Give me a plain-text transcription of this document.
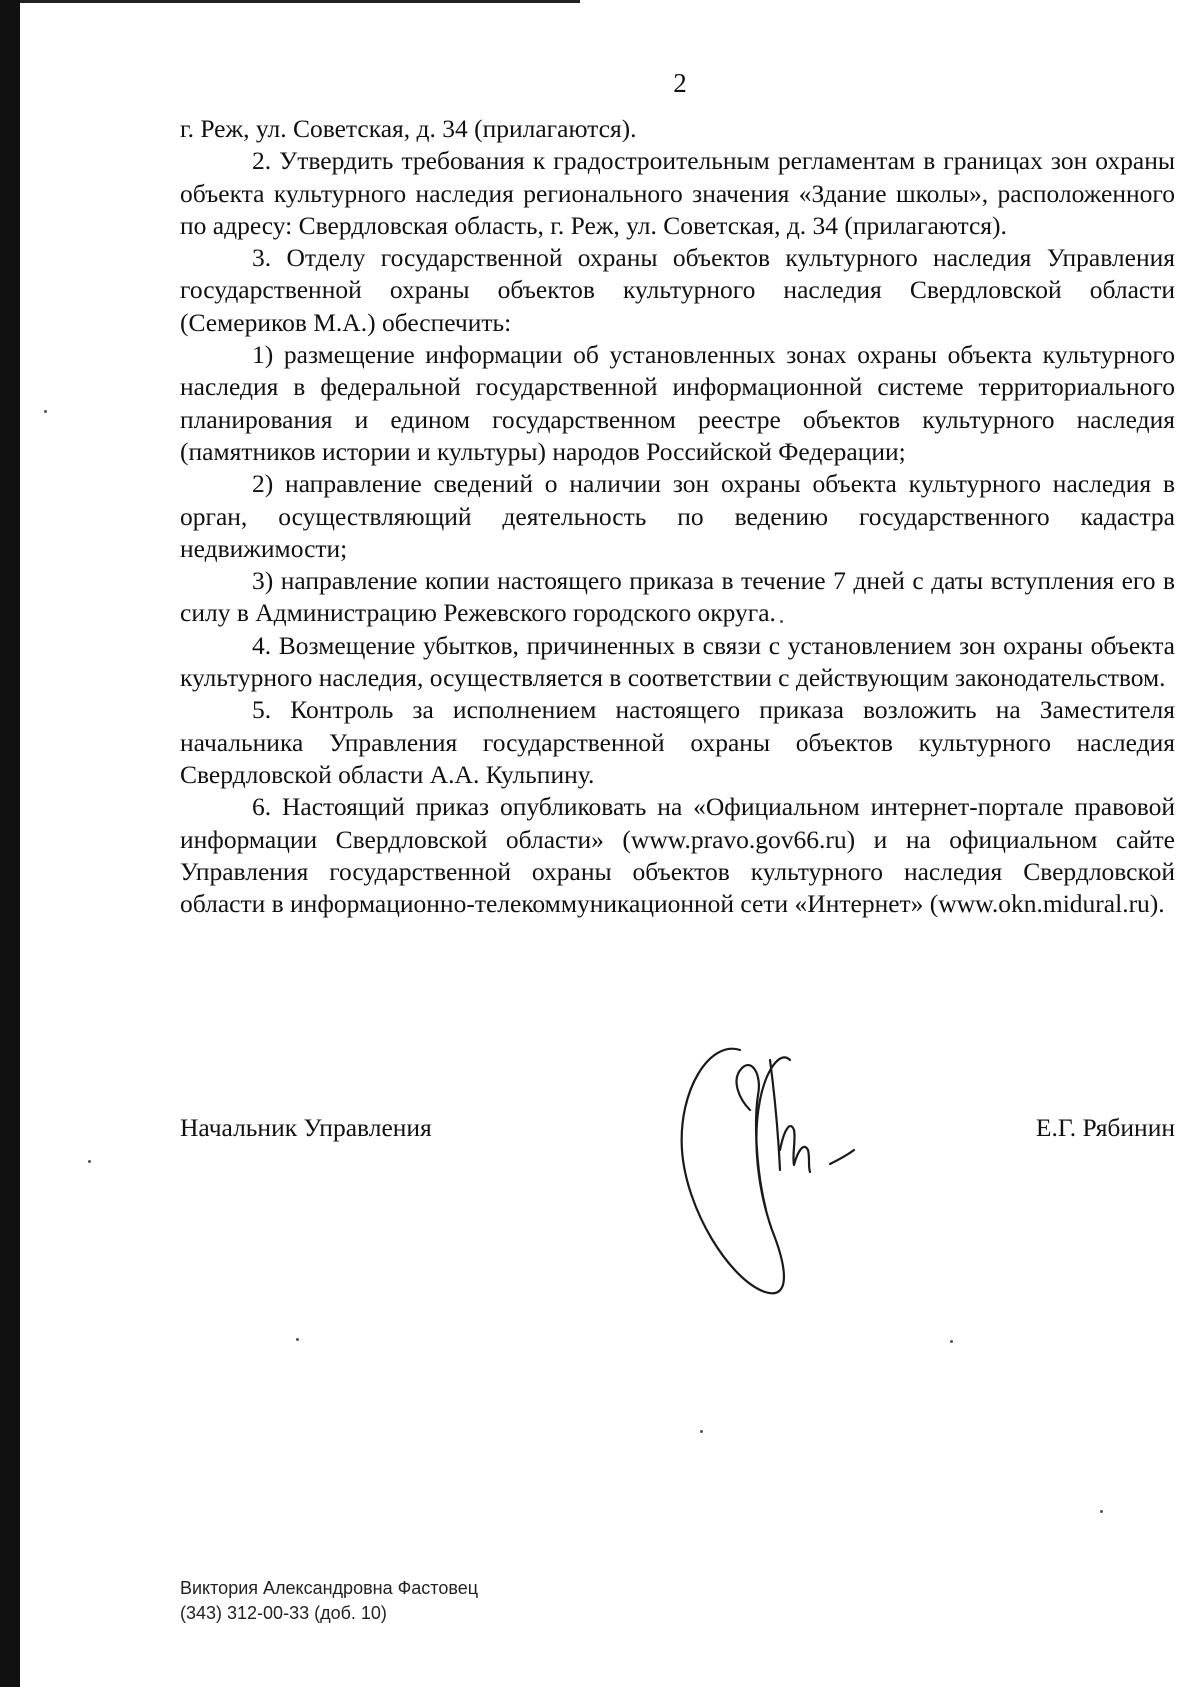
2

г. Реж, ул. Советская, д. 34 (прилагаются).

2. Утвердить требования к градостроительным регламентам в границах зон охраны объекта культурного наследия регионального значения «Здание школы», расположенного по адресу: Свердловская область, г. Реж, ул. Советская, д. 34 (прилагаются).

3. Отделу государственной охраны объектов культурного наследия Управления государственной охраны объектов культурного наследия Свердловской области (Семериков М.А.) обеспечить:

1) размещение информации об установленных зонах охраны объекта культурного наследия в федеральной государственной информационной системе территориального планирования и едином государственном реестре объектов культурного наследия (памятников истории и культуры) народов Российской Федерации;

2) направление сведений о наличии зон охраны объекта культурного наследия в орган, осуществляющий деятельность по ведению государственного кадастра недвижимости;

3) направление копии настоящего приказа в течение 7 дней с даты вступления его в силу в Администрацию Режевского городского округа.

4. Возмещение убытков, причиненных в связи с установлением зон охраны объекта культурного наследия, осуществляется в соответствии с действующим законодательством.

5. Контроль за исполнением настоящего приказа возложить на Заместителя начальника Управления государственной охраны объектов культурного наследия Свердловской области А.А. Кульпину.

6. Настоящий приказ опубликовать на «Официальном интернет-портале правовой информации Свердловской области» (www.pravo.gov66.ru) и на официальном сайте Управления государственной охраны объектов культурного наследия Свердловской области в информационно-телекоммуникационной сети «Интернет» (www.okn.midural.ru).

Начальник Управления	Е.Г. Рябинин
Виктория Александровна Фастовец
(343) 312-00-33 (доб. 10)
